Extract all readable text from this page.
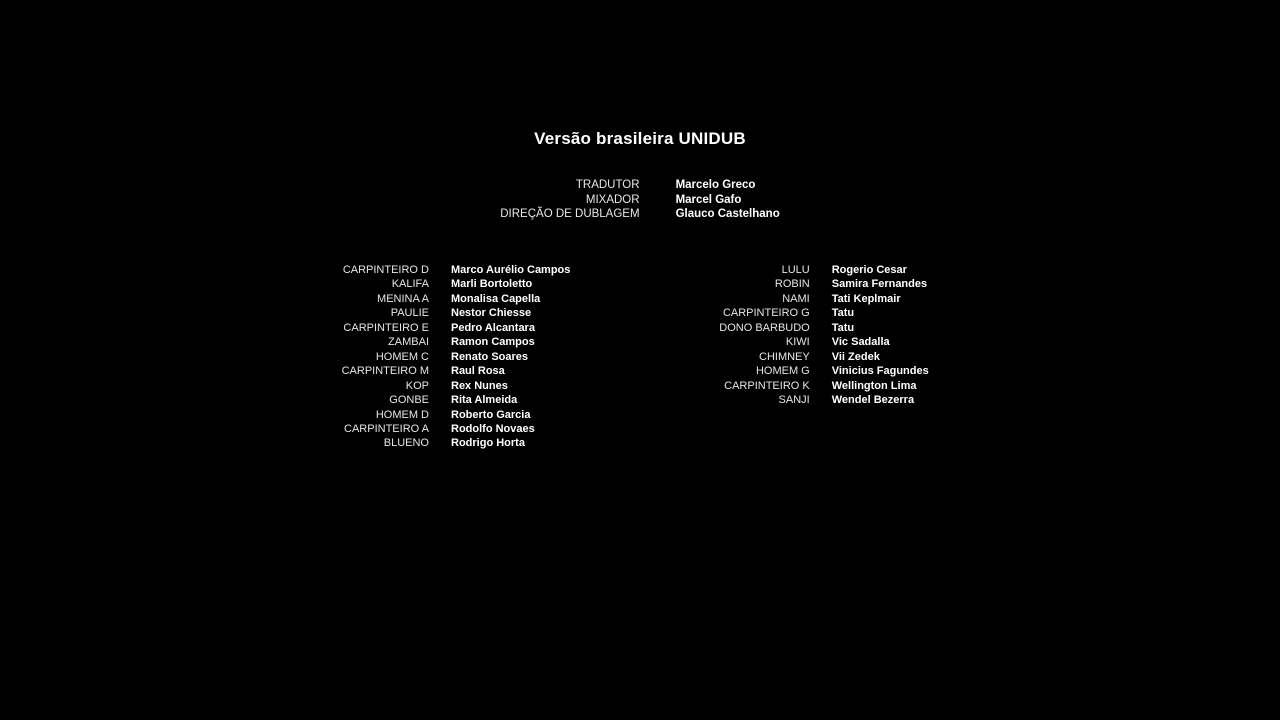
Versão brasileira UNIDUB
TRADUTOR	Marcelo Greco
MIXADOR	Marcel Gafo
DIREÇÃO DE DUBLAGEM	Glauco Castelhano
CARPINTEIRO D Marco Aurélio Campos
KALIFA Marli Bortoletto
MENINA A Monalisa Capella
PAULIE Nestor Chiesse
CARPINTEIRO E Pedro Alcantara
ZAMBAI Ramon Campos
HOMEM C Renato Soares
CARPINTEIRO M Raul Rosa
KOP Rex Nunes
GONBE Rita Almeida
HOMEM D Roberto Garcia
CARPINTEIRO A Rodolfo Novaes
BLUENO Rodrigo Horta
LULU Rogerio Cesar
ROBIN Samira Fernandes
NAMI Tati Keplmair
CARPINTEIRO G Tatu
DONO BARBUDO Tatu
KIWI Vic Sadalla
CHIMNEY Vii Zedek
HOMEM G Vinicius Fagundes
CARPINTEIRO K Wellington Lima
SANJI Wendel Bezerra
